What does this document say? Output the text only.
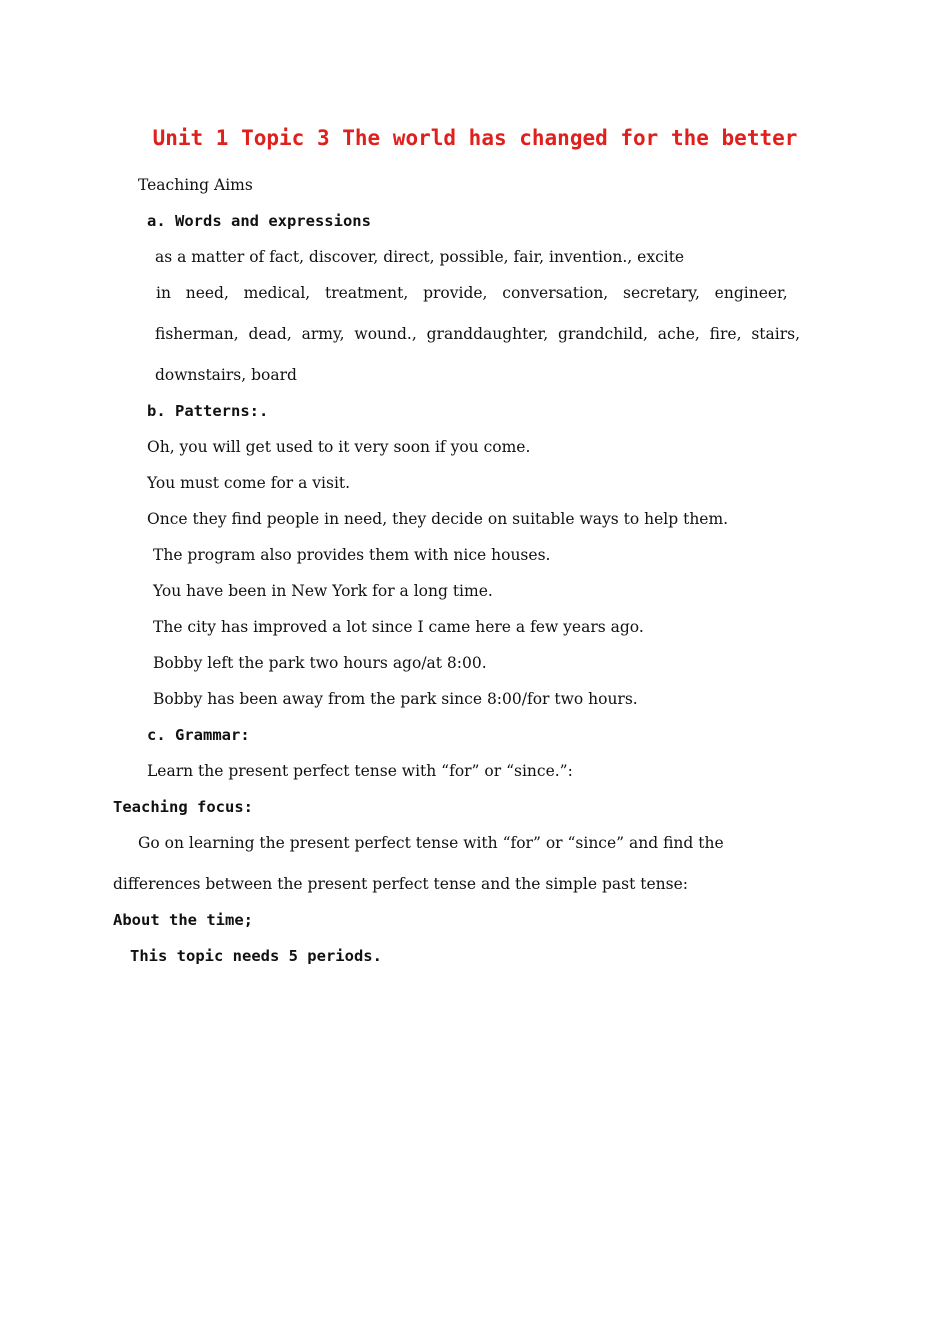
Unit 1 Topic 3 The world has changed for the better
Teaching Aims
a. Words and expressions
as a matter of fact, discover, direct, possible, fair, invention., excite
in   need,   medical,   treatment,   provide,   conversation,   secretary,   engineer,
fisherman,  dead,  army,  wound.,  granddaughter,  grandchild,  ache,  fire,  stairs,
downstairs, board
b. Patterns:.
Oh, you will get used to it very soon if you come.
You must come for a visit.
Once they find people in need, they decide on suitable ways to help them.
The program also provides them with nice houses.
You have been in New York for a long time.
The city has improved a lot since I came here a few years ago.
Bobby left the park two hours ago/at 8:00.
Bobby has been away from the park since 8:00/for two hours.
c. Grammar:
Learn the present perfect tense with “for” or “since.”:
Teaching focus:
Go on learning the present perfect tense with “for” or “since” and find the
differences between the present perfect tense and the simple past tense:
About the time;
This topic needs 5 periods.
